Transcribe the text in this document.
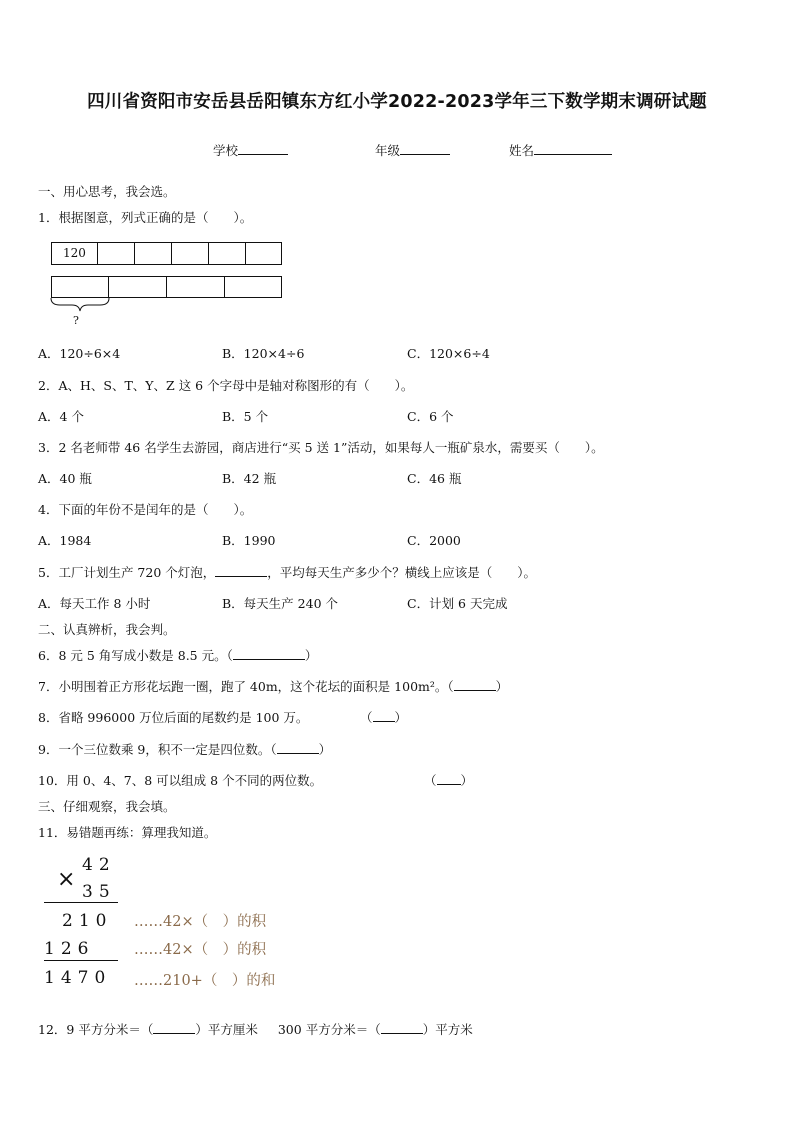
四川省资阳市安岳县岳阳镇东方红小学2022-2023学年三下数学期末调研试题
学校	年级	姓名
一、用心思考，我会选。
1．根据图意，列式正确的是（　　）。
120
?
A．120÷6×4	B．120×4÷6	C．120×6÷4
2．A、H、S、T、Y、Z 这 6 个字母中是轴对称图形的有（　　）。
A．4 个	B．5 个	C．6 个
3．2 名老师带 46 名学生去游园，商店进行“买 5 送 1”活动，如果每人一瓶矿泉水，需要买（　　）。
A．40 瓶	B．42 瓶	C．46 瓶
4．下面的年份不是闰年的是（　　）。
A．1984	B．1990	C．2000
5．工厂计划生产 720 个灯泡，	，平均每天生产多少个？横线上应该是（　　）。
A．每天工作 8 小时	B．每天生产 240 个	C．计划 6 天完成
二、认真辨析，我会判。
6．8 元 5 角写成小数是 8.5 元。（	）
7．小明围着正方形花坛跑一圈，跑了 40m，这个花坛的面积是 100m²。（	）
8．省略 996000 万位后面的尾数约是 100 万。	（ ）
9．一个三位数乘 9，积不一定是四位数。（	）
10．用 0、4、7、8 可以组成 8 个不同的两位数。	（ ）
三、仔细观察，我会填。
11．易错题再练：算理我知道。
42
× 35
210
126
1470
……42×（　）的积
……42×（　）的积
……210+（　）的和
12．9 平方分米＝（	）平方厘米 300 平方分米＝（	）平方米
